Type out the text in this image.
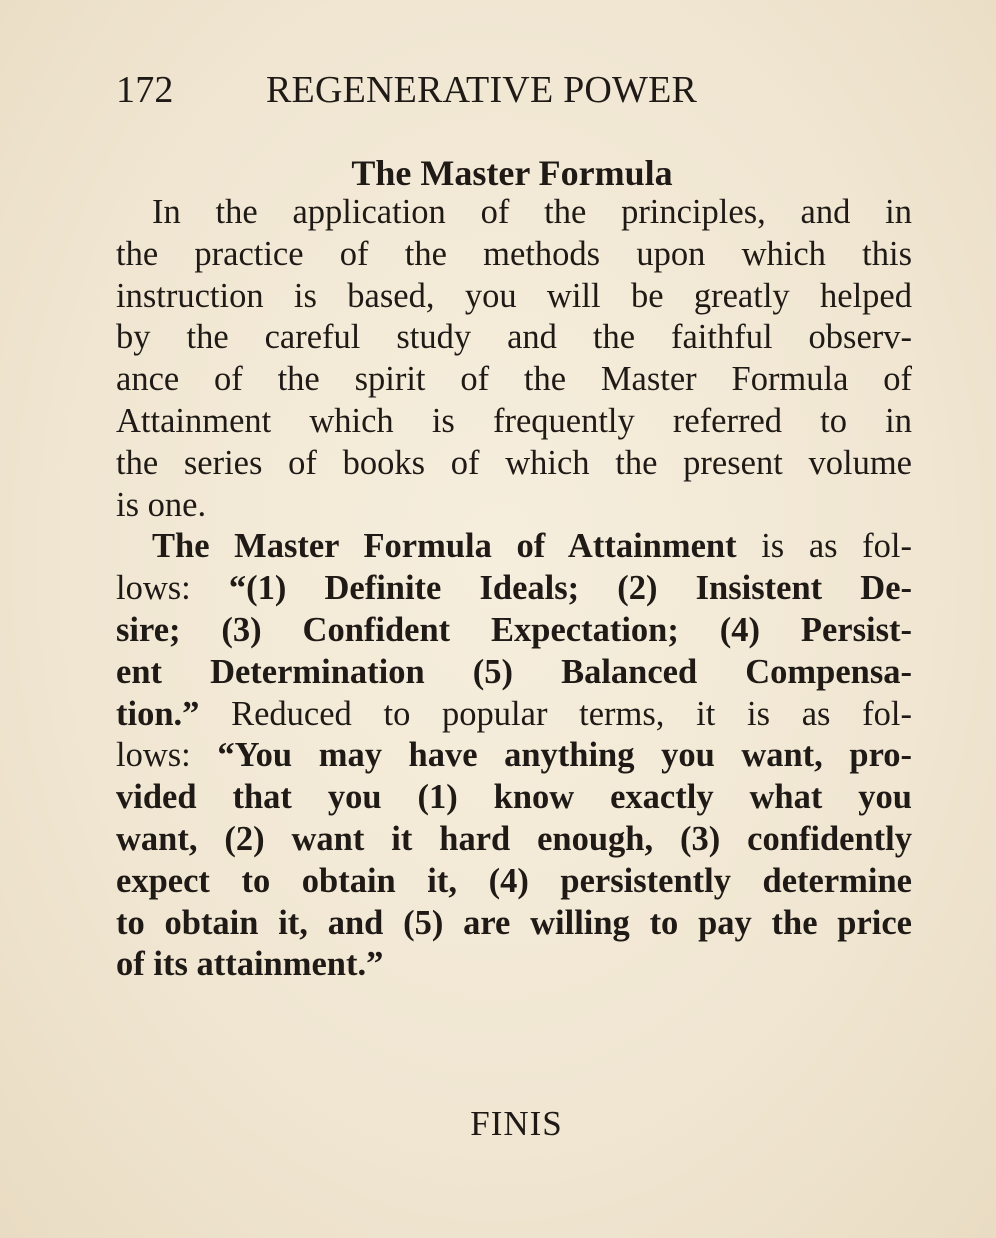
172 REGENERATIVE POWER
The Master Formula
In the application of the principles, and in
the practice of the methods upon which this
instruction is based, you will be greatly helped
by the careful study and the faithful observ-
ance of the spirit of the Master Formula of
Attainment which is frequently referred to in
the series of books of which the present volume
is one.
The Master Formula of Attainment is as fol-
lows: “(1) Definite Ideals; (2) Insistent De-
sire; (3) Confident Expectation; (4) Persist-
ent Determination (5) Balanced Compensa-
tion.” Reduced to popular terms, it is as fol-
lows: “You may have anything you want, pro-
vided that you (1) know exactly what you
want, (2) want it hard enough, (3) confidently
expect to obtain it, (4) persistently determine
to obtain it, and (5) are willing to pay the price
of its attainment.”
FINIS
